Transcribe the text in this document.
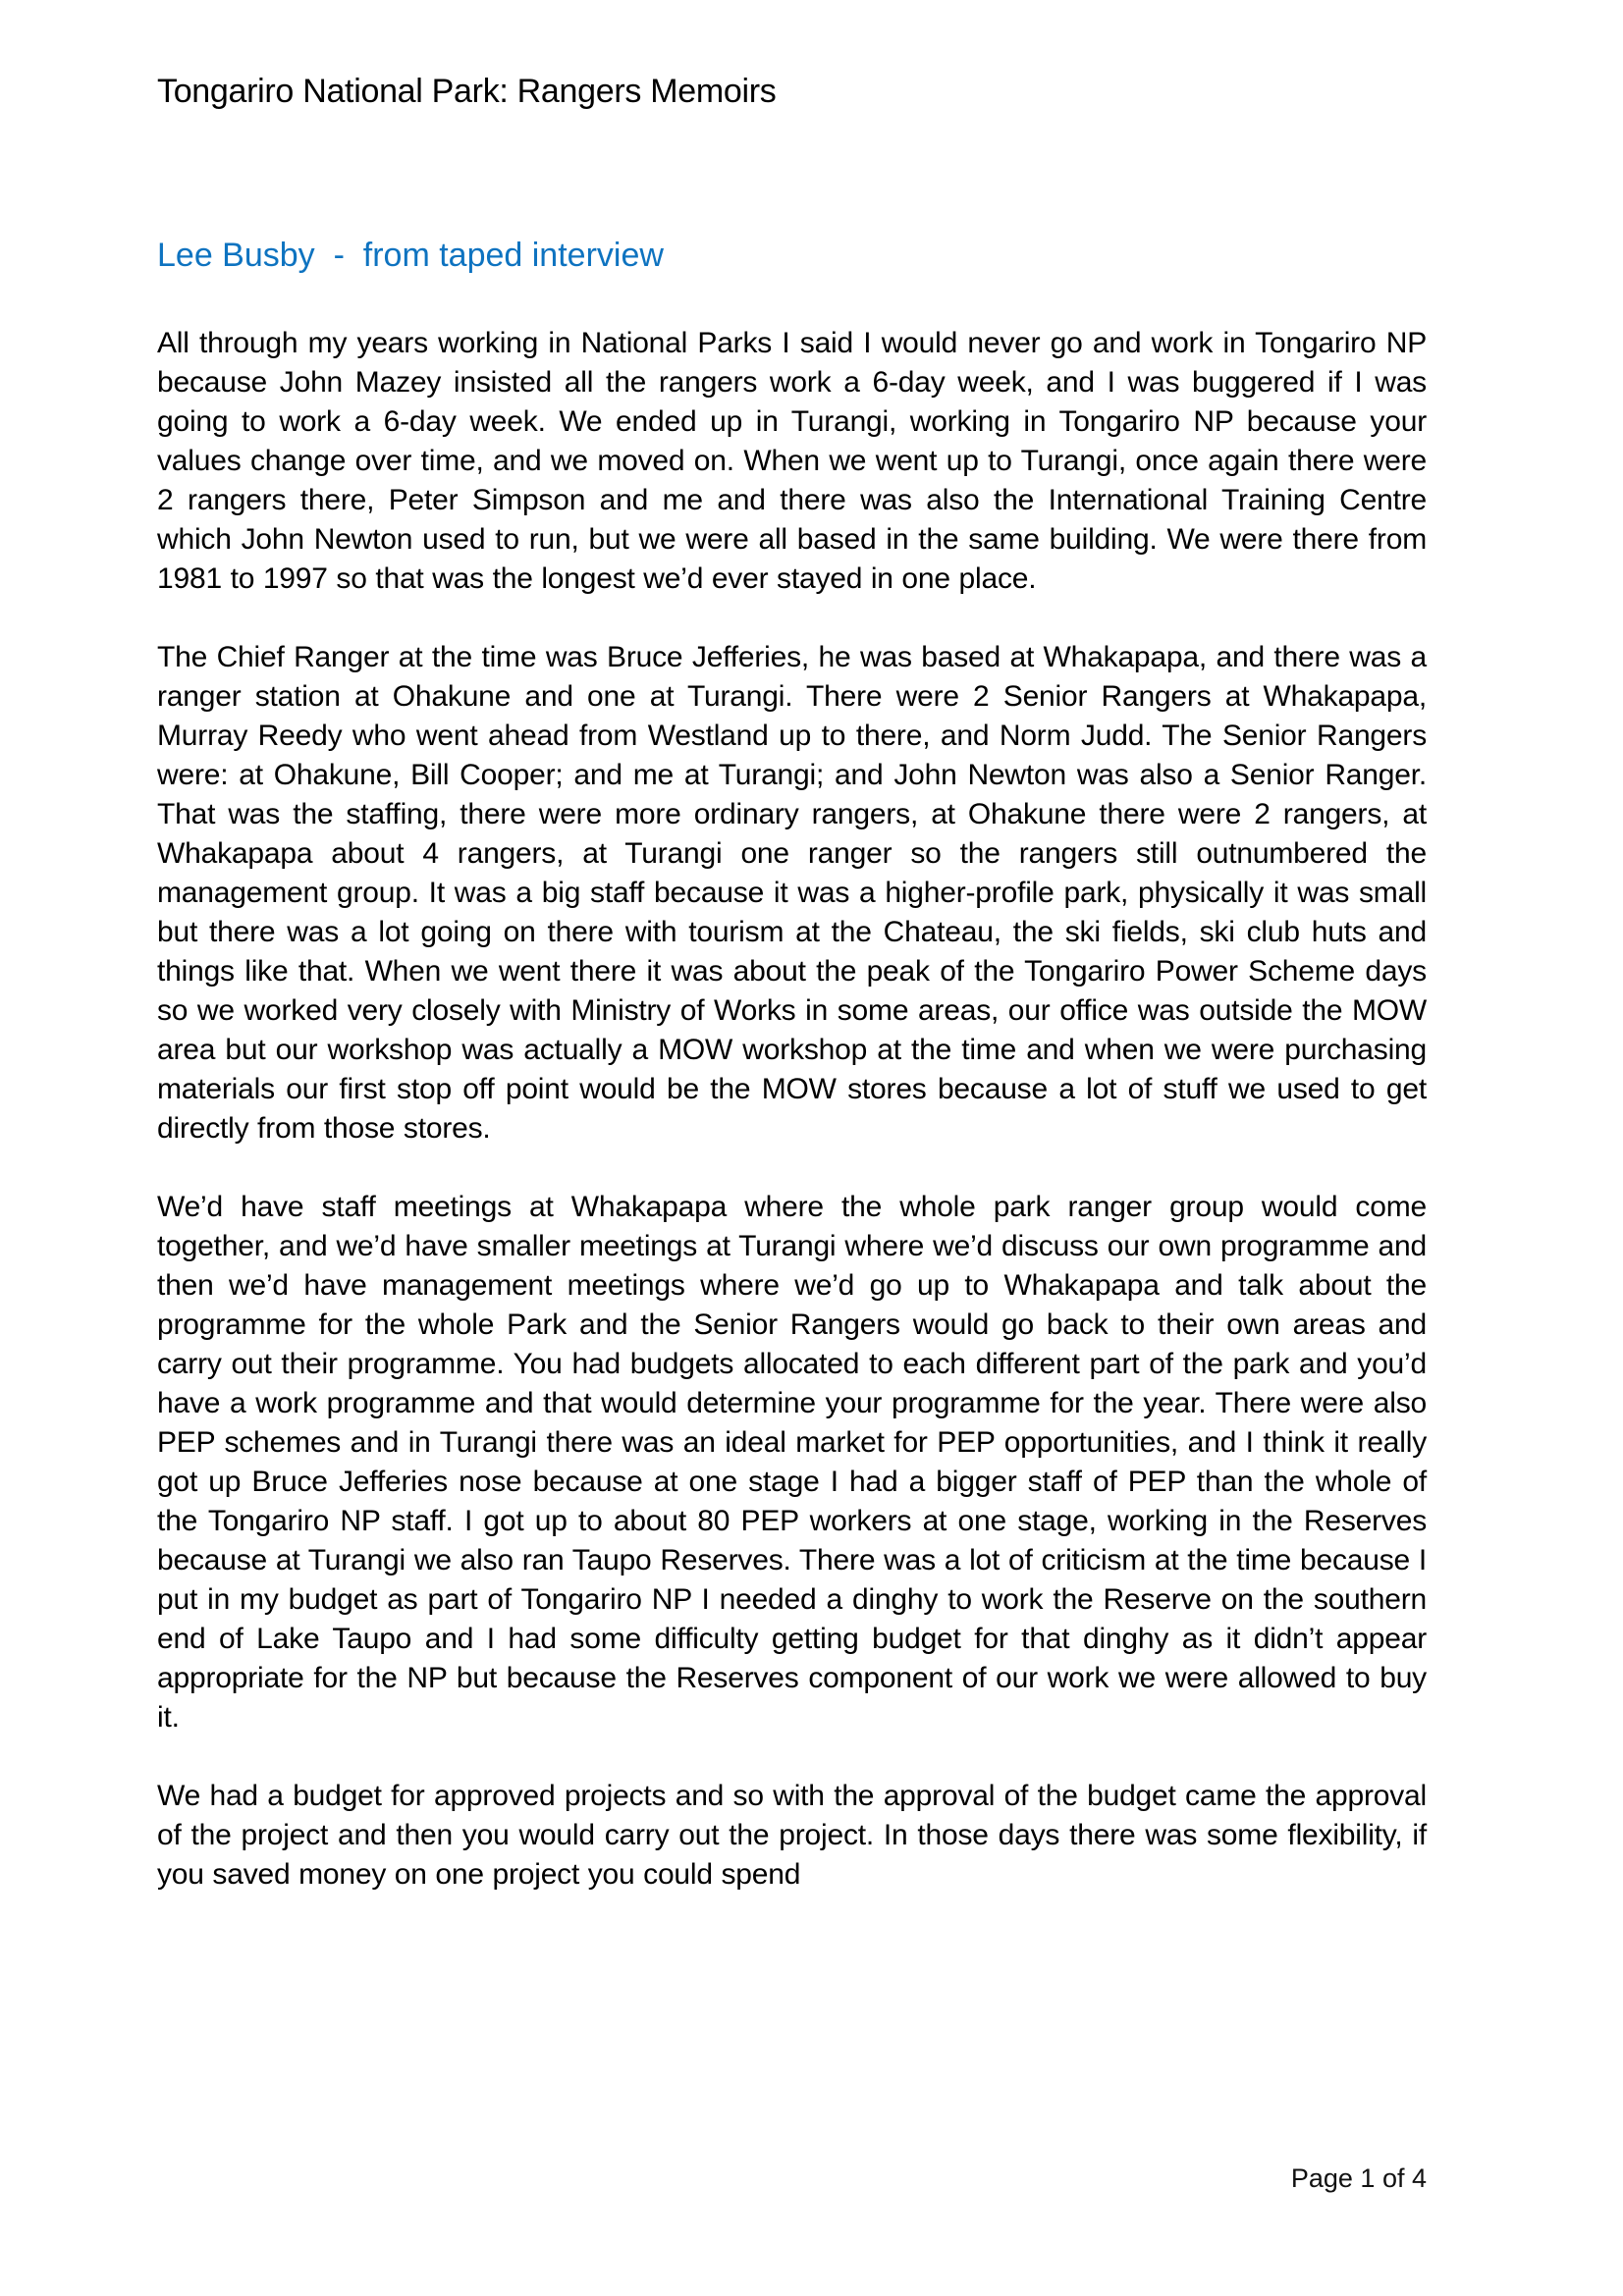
Tongariro National Park: Rangers Memoirs
Lee Busby  -  from taped interview

All through my years working in National Parks I said I would never go and work in Tongariro NP because John Mazey insisted all the rangers work a 6-day week, and I was buggered if I was going to work a 6-day week. We ended up in Turangi, working in Tongariro NP because your values change over time, and we moved on. When we went up to Turangi, once again there were 2 rangers there, Peter Simpson and me and there was also the International Training Centre which John Newton used to run, but we were all based in the same building. We were there from 1981 to 1997 so that was the longest we’d ever stayed in one place.

The Chief Ranger at the time was Bruce Jefferies, he was based at Whakapapa, and there was a ranger station at Ohakune and one at Turangi. There were 2 Senior Rangers at Whakapapa, Murray Reedy who went ahead from Westland up to there, and Norm Judd. The Senior Rangers were: at Ohakune, Bill Cooper; and me at Turangi; and John Newton was also a Senior Ranger. That was the staffing, there were more ordinary rangers, at Ohakune there were 2 rangers, at Whakapapa about 4 rangers, at Turangi one ranger so the rangers still outnumbered the management group. It was a big staff because it was a higher-profile park, physically it was small but there was a lot going on there with tourism at the Chateau, the ski fields, ski club huts and things like that. When we went there it was about the peak of the Tongariro Power Scheme days so we worked very closely with Ministry of Works in some areas, our office was outside the MOW area but our workshop was actually a MOW workshop at the time and when we were purchasing materials our first stop off point would be the MOW stores because a lot of stuff we used to get directly from those stores.

We’d have staff meetings at Whakapapa where the whole park ranger group would come together, and we’d have smaller meetings at Turangi where we’d discuss our own programme and then we’d have management meetings where we’d go up to Whakapapa and talk about the programme for the whole Park and the Senior Rangers would go back to their own areas and carry out their programme. You had budgets allocated to each different part of the park and you’d have a work programme and that would determine your programme for the year. There were also PEP schemes and in Turangi there was an ideal market for PEP opportunities, and I think it really got up Bruce Jefferies nose because at one stage I had a bigger staff of PEP than the whole of the Tongariro NP staff. I got up to about 80 PEP workers at one stage, working in the Reserves because at Turangi we also ran Taupo Reserves. There was a lot of criticism at the time because I put in my budget as part of Tongariro NP I needed a dinghy to work the Reserve on the southern end of Lake Taupo and I had some difficulty getting budget for that dinghy as it didn’t appear appropriate for the NP but because the Reserves component of our work we were allowed to buy it.

We had a budget for approved projects and so with the approval of the budget came the approval of the project and then you would carry out the project. In those days there was some flexibility, if you saved money on one project you could spend

Page 1 of 4
